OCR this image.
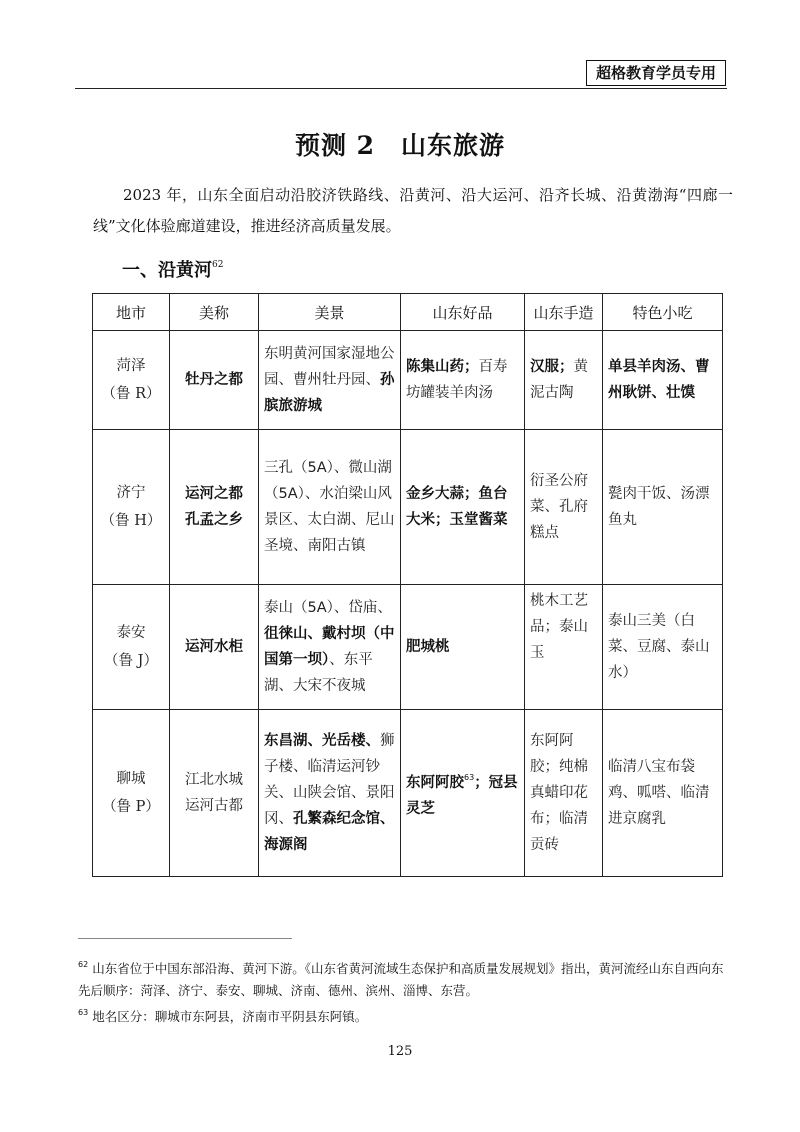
超格教育学员专用
预测 2　山东旅游

2023 年，山东全面启动沿胶济铁路线、沿黄河、沿大运河、沿齐长城、沿黄渤海“四廊一线”文化体验廊道建设，推进经济高质量发展。

一、沿黄河$^{62}$
地市	美称	美景	山东好品	山东手造	特色小吃

菏泽
（鲁 R）	牡丹之都	东明黄河国家湿地公园、曹州牡丹园、孙膑旅游城	陈集山药；百寿坊罐装羊肉汤	汉服；黄泥古陶	单县羊肉汤、曹州耿饼、壮馍

济宁
（鲁 H）	运河之都
孔孟之乡	三孔（5A）、微山湖（5A）、水泊梁山风景区、太白湖、尼山圣境、南阳古镇	金乡大蒜；鱼台大米；玉堂酱菜	衍圣公府菜、孔府糕点	甏肉干饭、汤漂鱼丸

泰安
（鲁 J）	运河水柜	泰山（5A）、岱庙、徂徕山、戴村坝（中国第一坝）、东平湖、大宋不夜城	肥城桃	桃木工艺品；泰山玉	泰山三美（白菜、豆腐、泰山水）

聊城
（鲁 P）	江北水城
运河古都	东昌湖、光岳楼、狮子楼、临清运河钞关、山陕会馆、景阳冈、孔繁森纪念馆、海源阁	东阿阿胶$^{63}$；冠县灵芝	东阿阿胶；纯棉真蜡印花布；临清贡砖	临清八宝布袋鸡、呱嗒、临清进京腐乳

$^{62}$ 山东省位于中国东部沿海、黄河下游。《山东省黄河流域生态保护和高质量发展规划》指出，黄河流经山东自西向东先后顺序：菏泽、济宁、泰安、聊城、济南、德州、滨州、淄博、东营。

$^{63}$ 地名区分：聊城市东阿县，济南市平阴县东阿镇。

125
